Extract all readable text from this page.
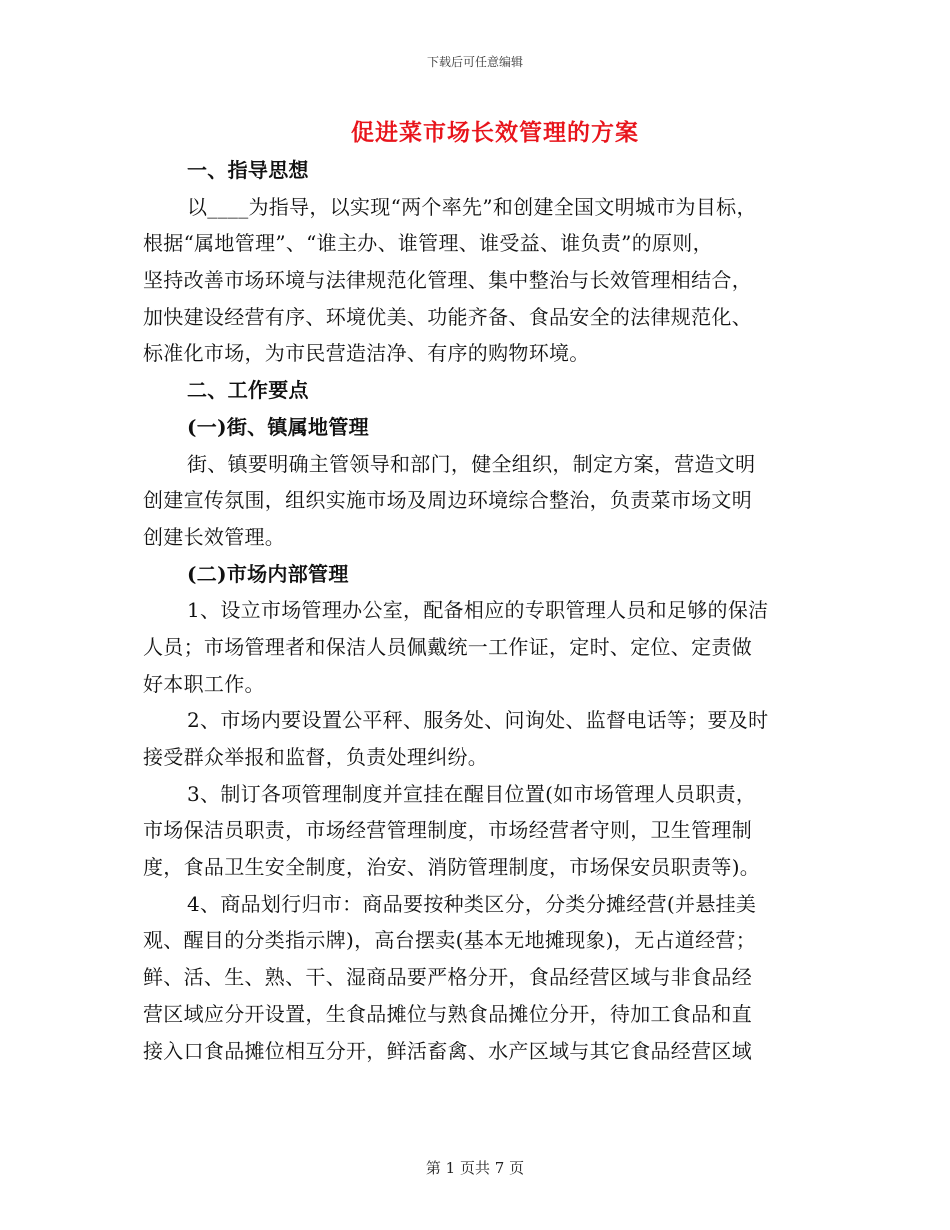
下载后可任意编辑
促进菜市场长效管理的方案
一、指导思想
以____为指导，以实现“两个率先”和创建全国文明城市为目标，
根据“属地管理”、“谁主办、谁管理、谁受益、谁负责”的原则，
坚持改善市场环境与法律规范化管理、集中整治与长效管理相结合，
加快建设经营有序、环境优美、功能齐备、食品安全的法律规范化、
标准化市场，为市民营造洁净、有序的购物环境。
二、工作要点
(一)街、镇属地管理
街、镇要明确主管领导和部门，健全组织，制定方案，营造文明
创建宣传氛围，组织实施市场及周边环境综合整治，负责菜市场文明
创建长效管理。
(二)市场内部管理
1、设立市场管理办公室，配备相应的专职管理人员和足够的保洁
人员；市场管理者和保洁人员佩戴统一工作证，定时、定位、定责做
好本职工作。
2、市场内要设置公平秤、服务处、问询处、监督电话等；要及时
接受群众举报和监督，负责处理纠纷。
3、制订各项管理制度并宣挂在醒目位置(如市场管理人员职责，
市场保洁员职责，市场经营管理制度，市场经营者守则，卫生管理制
度，食品卫生安全制度，治安、消防管理制度，市场保安员职责等)。
4、商品划行归市：商品要按种类区分，分类分摊经营(并悬挂美
观、醒目的分类指示牌)，高台摆卖(基本无地摊现象)，无占道经营；
鲜、活、生、熟、干、湿商品要严格分开，食品经营区域与非食品经
营区域应分开设置，生食品摊位与熟食品摊位分开，待加工食品和直
接入口食品摊位相互分开，鲜活畜禽、水产区域与其它食品经营区域
第 1 页共 7 页
